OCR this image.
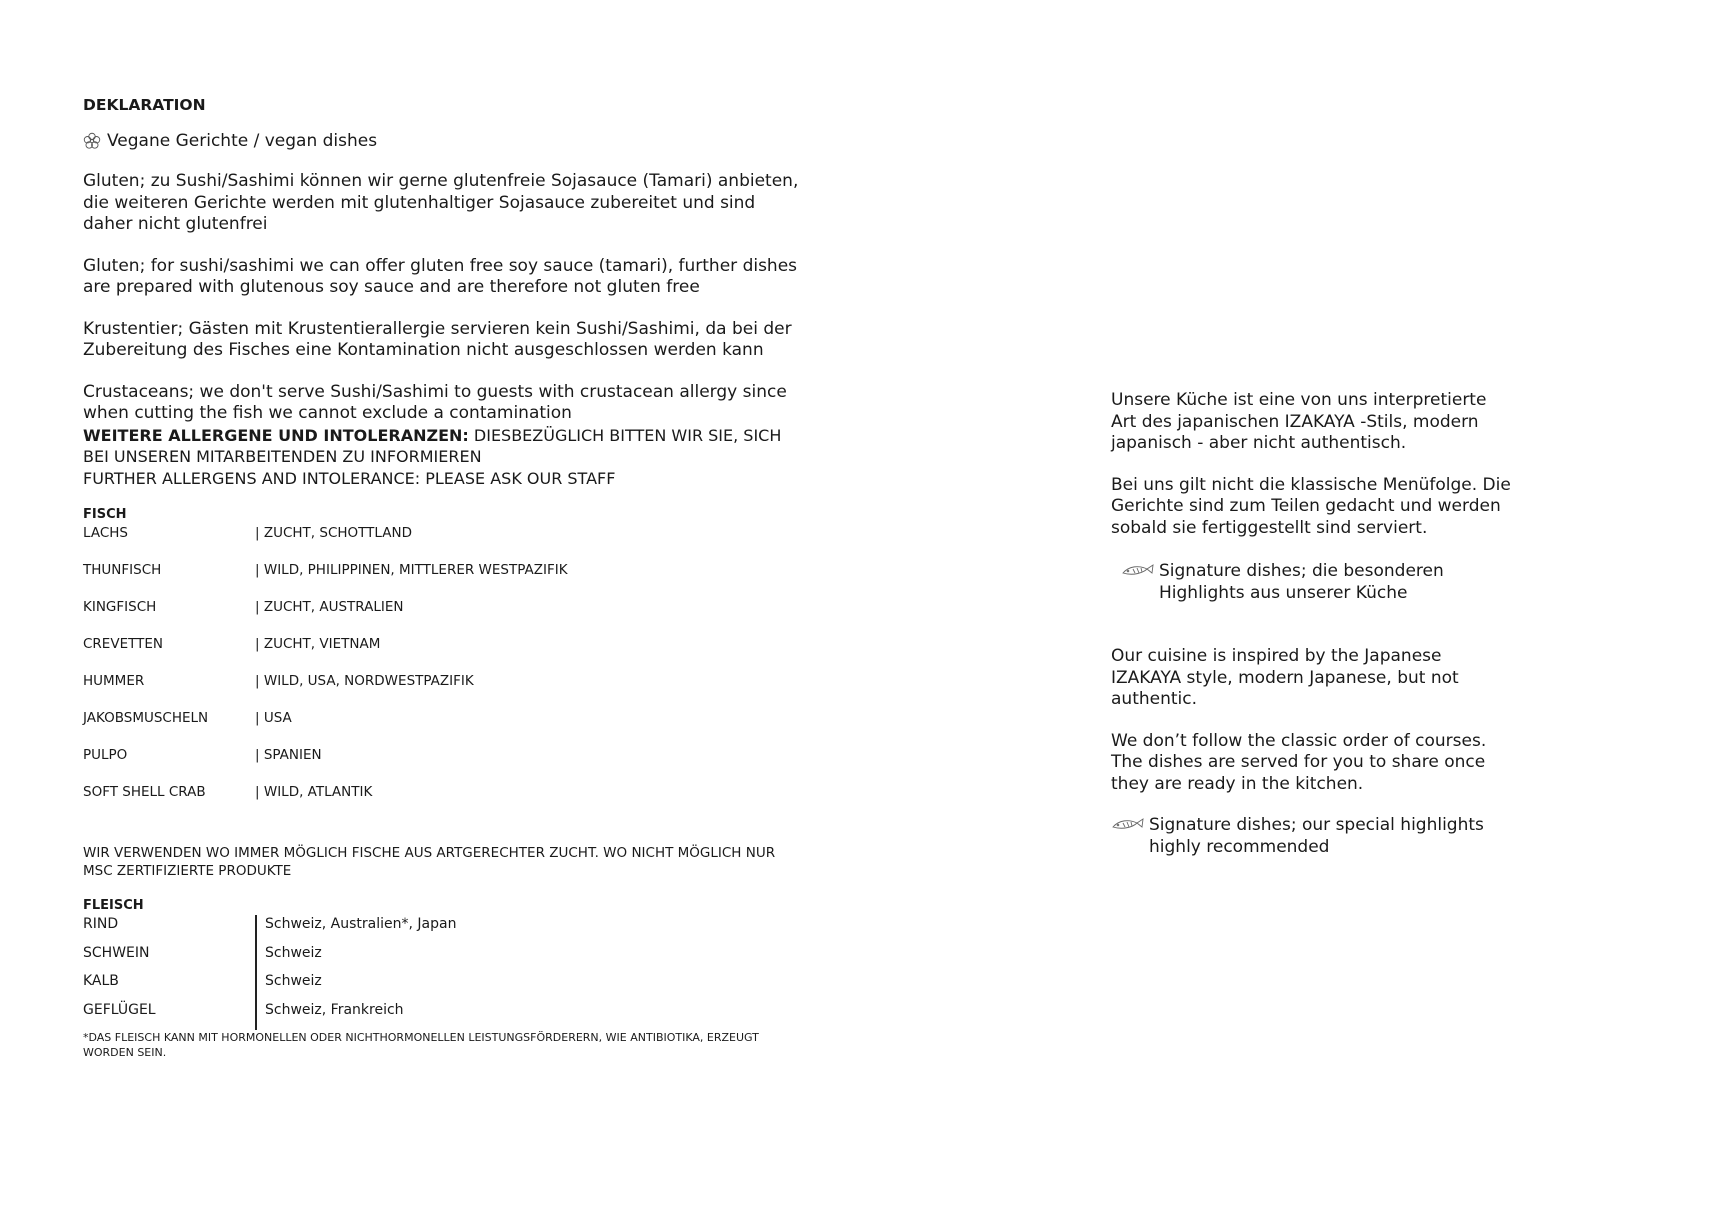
DEKLARATION

Vegane Gerichte / vegan dishes

Gluten; zu Sushi/Sashimi können wir gerne glutenfreie Sojasauce (Tamari) anbieten, die weiteren Gerichte werden mit glutenhaltiger Sojasauce zubereitet und sind daher nicht glutenfrei

Gluten; for sushi/sashimi we can offer gluten free soy sauce (tamari), further dishes are prepared with glutenous soy sauce and are therefore not gluten free

Krustentier; Gästen mit Krustentierallergie servieren kein Sushi/Sashimi, da bei der Zubereitung des Fisches eine Kontamination nicht ausgeschlossen werden kann

Crustaceans; we don't serve Sushi/Sashimi to guests with crustacean allergy since when cutting the fish we cannot exclude a contamination

WEITERE ALLERGENE UND INTOLERANZEN: DIESBEZÜGLICH BITTEN WIR SIE, SICH BEI UNSEREN MITARBEITENDEN ZU INFORMIEREN

FURTHER ALLERGENS AND INTOLERANCE: PLEASE ASK OUR STAFF

FISCH

LACHS	| ZUCHT, SCHOTTLAND
THUNFISCH	| WILD, PHILIPPINEN, MITTLERER WESTPAZIFIK
KINGFISCH	| ZUCHT, AUSTRALIEN
CREVETTEN	| ZUCHT, VIETNAM
HUMMER	| WILD, USA, NORDWESTPAZIFIK
JAKOBSMUSCHELN	| USA
PULPO	| SPANIEN
SOFT SHELL CRAB	| WILD, ATLANTIK

WIR VERWENDEN WO IMMER MÖGLICH FISCHE AUS ARTGERECHTER ZUCHT. WO NICHT MÖGLICH NUR MSC ZERTIFIZIERTE PRODUKTE

FLEISCH

RIND	Schweiz, Australien*, Japan
SCHWEIN	Schweiz
KALB	Schweiz
GEFLÜGEL	Schweiz, Frankreich

*DAS FLEISCH KANN MIT HORMONELLEN ODER NICHTHORMONELLEN LEISTUNGSFÖRDERERN, WIE ANTIBIOTIKA, ERZEUGT WORDEN SEIN.

Unsere Küche ist eine von uns interpretierte Art des japanischen IZAKAYA -Stils, modern japanisch - aber nicht authentisch.

Bei uns gilt nicht die klassische Menüfolge. Die Gerichte sind zum Teilen gedacht und werden sobald sie fertiggestellt sind serviert.

Signature dishes; die besonderen Highlights aus unserer Küche

Our cuisine is inspired by the Japanese IZAKAYA style, modern Japanese, but not authentic.

We don’t follow the classic order of courses. The dishes are served for you to share once they are ready in the kitchen.

Signature dishes; our special highlights highly recommended
